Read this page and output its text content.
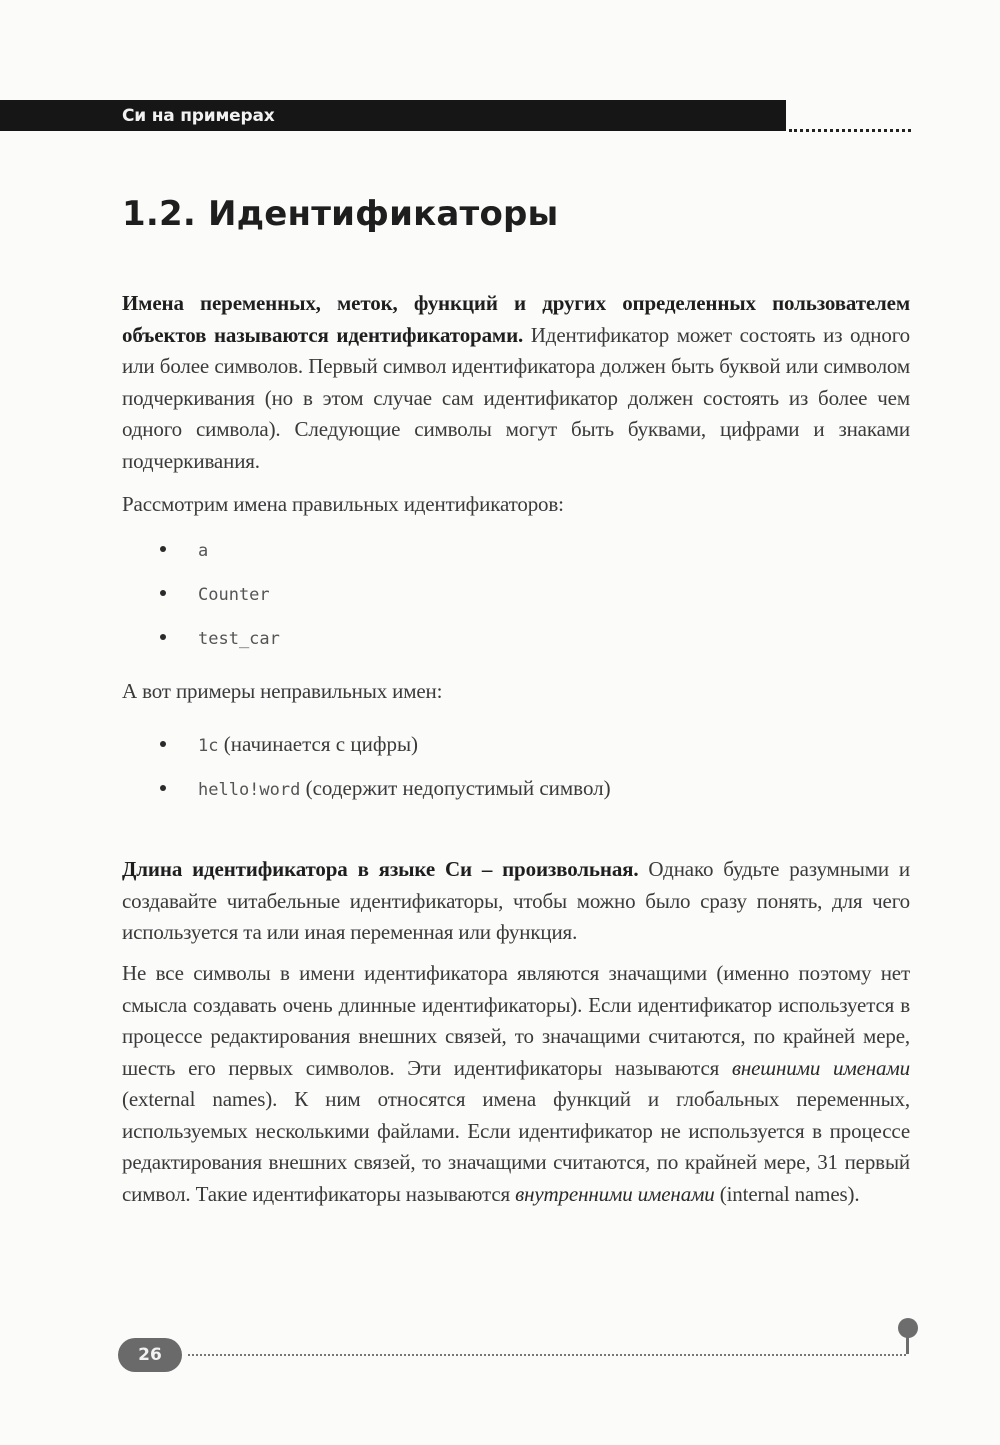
Си на примерах
1.2. Идентификаторы

Имена переменных, меток, функций и других определенных пользователем объектов называются идентификаторами. Идентификатор может состоять из одного или более символов. Первый символ идентификатора должен быть буквой или символом подчеркивания (но в этом случае сам идентификатор должен состоять из более чем одного символа). Следующие символы могут быть буквами, цифрами и знаками подчеркивания.

Рассмотрим имена правильных идентификаторов:

a
Counter
test_car

А вот примеры неправильных имен:

1c (начинается с цифры)
hello!word (содержит недопустимый символ)

Длина идентификатора в языке Си – произвольная. Однако будьте разумными и создавайте читабельные идентификаторы, чтобы можно было сразу понять, для чего используется та или иная переменная или функция.

Не все символы в имени идентификатора являются значащими (именно поэтому нет смысла создавать очень длинные идентификаторы). Если идентификатор используется в процессе редактирования внешних связей, то значащими считаются, по крайней мере, шесть его первых символов. Эти идентификаторы называются внешними именами (external names). К ним относятся имена функций и глобальных переменных, используемых несколькими файлами. Если идентификатор не используется в процессе редактирования внешних связей, то значащими считаются, по крайней мере, 31 первый символ. Такие идентификаторы называются внутренними именами (internal names).

26
